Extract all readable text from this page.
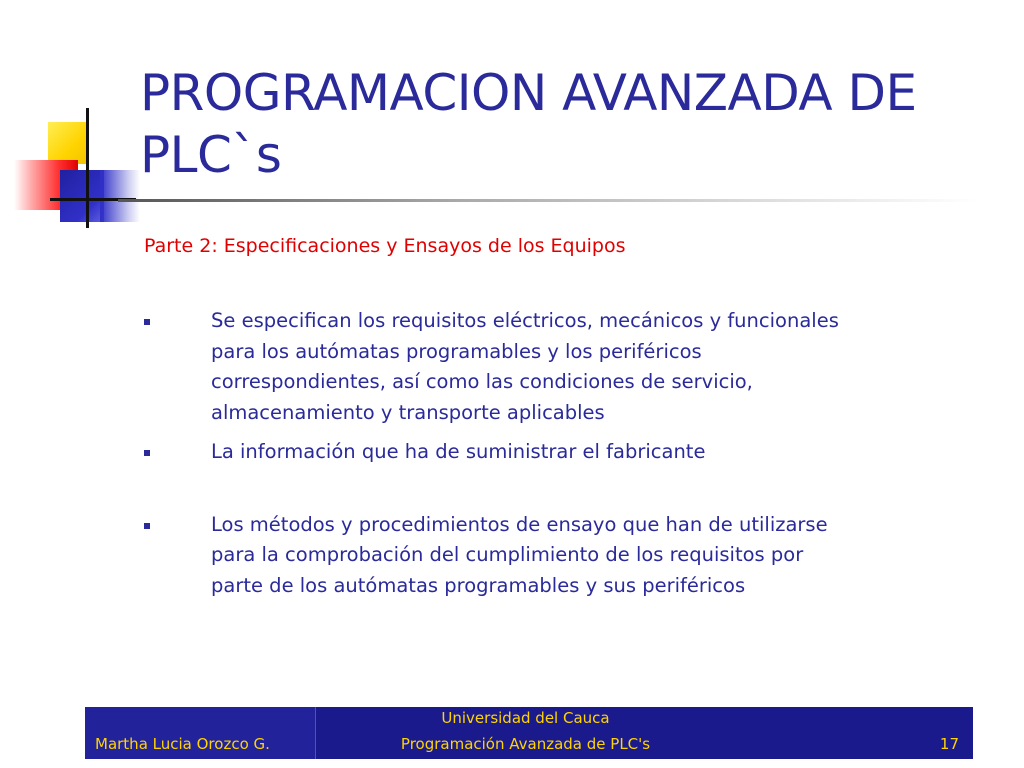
PROGRAMACION AVANZADA DE
PLC`s
Parte 2: Especificaciones y Ensayos de los Equipos
Se especifican los requisitos eléctricos, mecánicos y funcionales
para los autómatas programables y los periféricos
correspondientes, así como las condiciones de servicio,
almacenamiento y transporte aplicables
La información que ha de suministrar el fabricante
Los métodos y procedimientos de ensayo que han de utilizarse
para la comprobación del cumplimiento de los requisitos por
parte de los autómatas programables y sus periféricos
Martha Lucia Orozco G.
Universidad del Cauca
Programación Avanzada de PLC's	17
